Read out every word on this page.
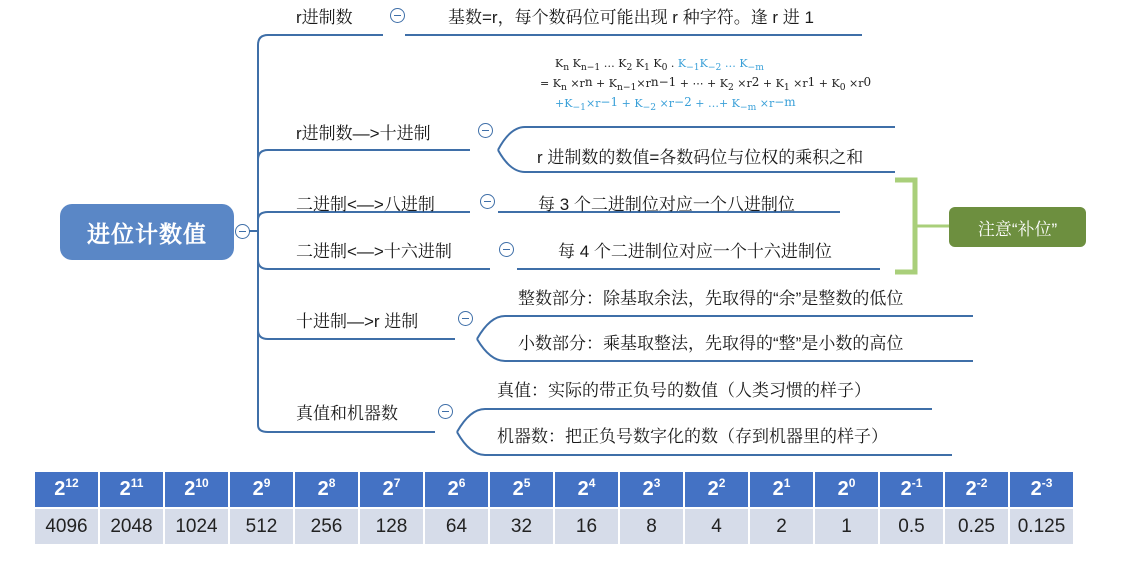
进位计数值
r进制数	基数=r，每个数码位可能出现 r 种字符。逢 r 进 1
$K_n$ $K_{n-1}$ … $K_2$ $K_1$ $K_0$ . $K_{-1}K_{-2}$ … $K_{-m}$
= $K_n \times r^n + K_{n-1}\times r^{n-1}$ + ⋯ + $K_2 \times r^2 + K_1 \times r^1 + K_0 \times r^0$
$+K_{-1}\times r^{-1} + K_{-2} \times r^{-2}$ + …+ $K_{-m} \times r^{-m}$
r进制数—>十进制
r 进制数的数值=各数码位与位权的乘积之和
二进制<—>八进制	每 3 个二进制位对应一个八进制位
二进制<—>十六进制	每 4 个二进制位对应一个十六进制位
十进制—>r 进制
整数部分：除基取余法，先取得的“余”是整数的低位
小数部分：乘基取整法，先取得的“整”是小数的高位
真值和机器数
真值：实际的带正负号的数值（人类习惯的样子）
机器数：把正负号数字化的数（存到机器里的样子）
注意“补位”
$2^{12}$	$2^{11}$	$2^{10}$	$2^9$	$2^8$	$2^7$	$2^6$	$2^5$	$2^4$	$2^3$	$2^2$	$2^1$	$2^0$	$2^{-1}$	$2^{-2}$	$2^{-3}$
4096	2048	1024	512	256	128	64	32	16	8	4	2	1	0.5	0.25	0.125
